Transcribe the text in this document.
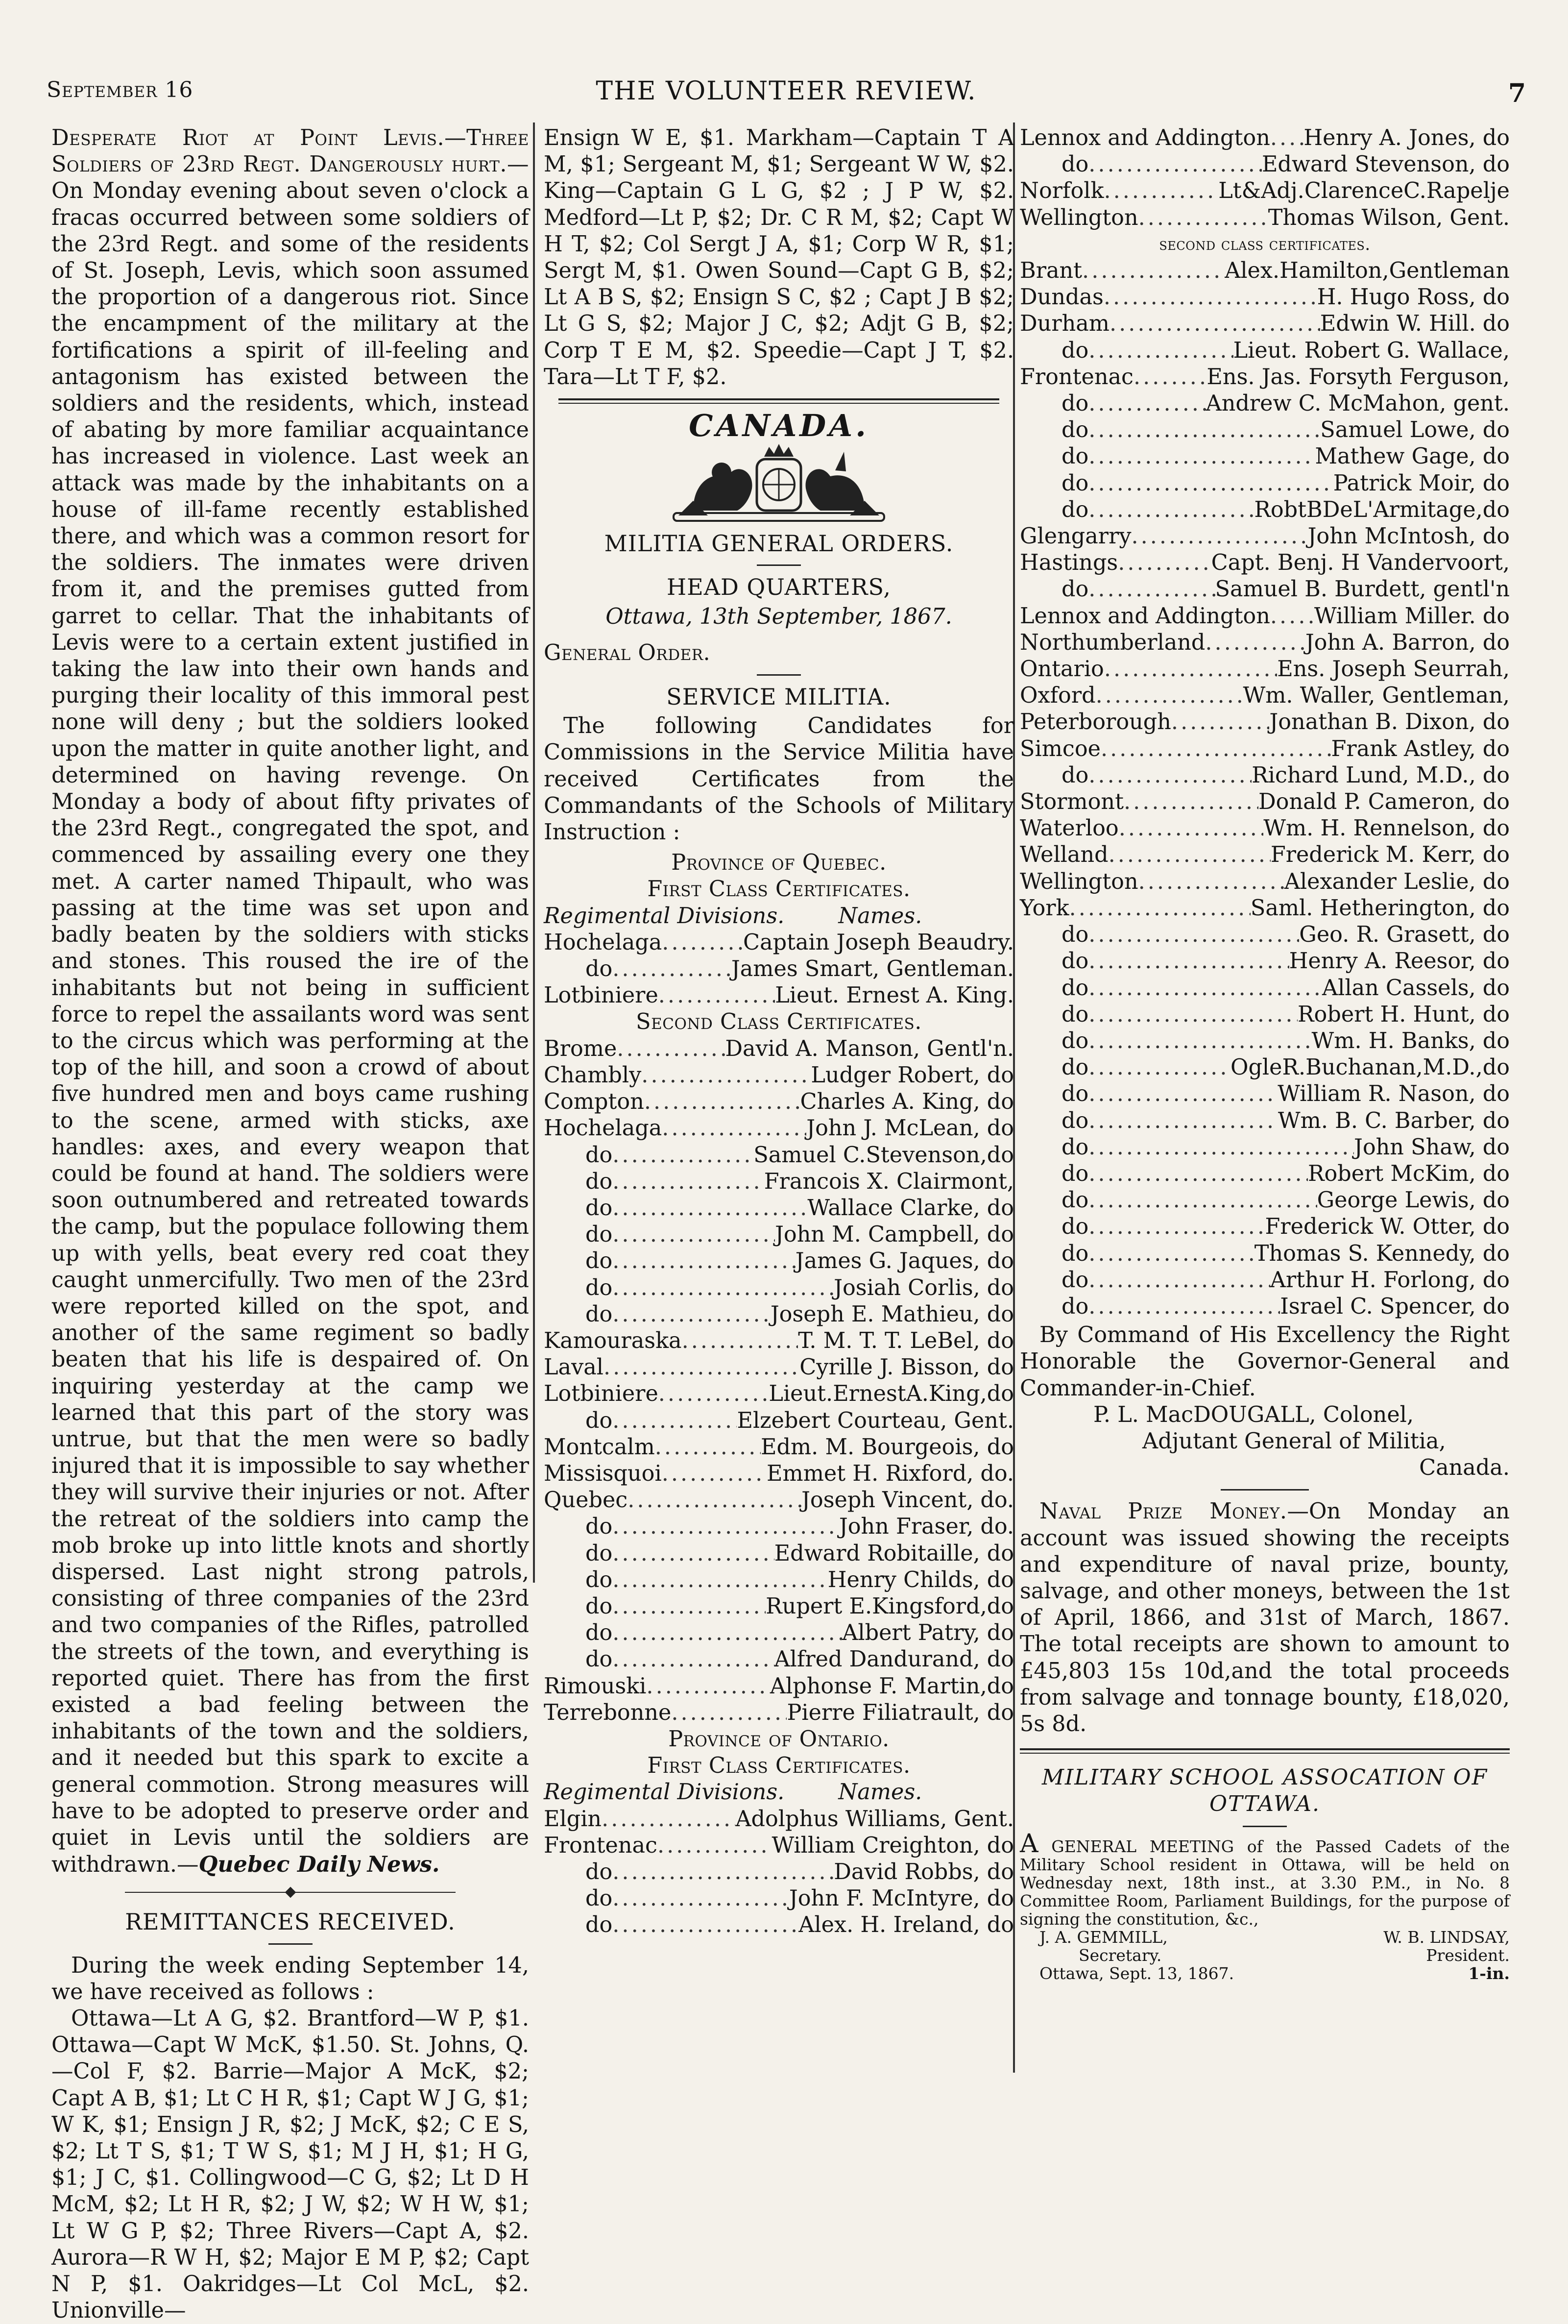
September 16	THE VOLUNTEER REVIEW.	7

Desperate Riot at Point Levis.—Three Soldiers of 23rd Regt. Dangerously hurt.— On Monday evening about seven o'clock a fracas occurred between some soldiers of the 23rd Regt. and some of the residents of St. Joseph, Levis, which soon assumed the proportion of a dangerous riot. Since the encampment of the military at the fortifications a spirit of ill-feeling and antagonism has existed between the soldiers and the residents, which, instead of abating by more familiar acquaintance has increased in violence. Last week an attack was made by the inhabitants on a house of ill-fame recently established there, and which was a common resort for the soldiers. The inmates were driven from it, and the premises gutted from garret to cellar. That the inhabitants of Levis were to a certain extent justified in taking the law into their own hands and purging their locality of this immoral pest none will deny ; but the soldiers looked upon the matter in quite another light, and determined on having revenge. On Monday a body of about fifty privates of the 23rd Regt., congregated the spot, and commenced by assailing every one they met. A carter named Thipault, who was passing at the time was set upon and badly beaten by the soldiers with sticks and stones. This roused the ire of the inhabitants but not being in sufficient force to repel the assailants word was sent to the circus which was performing at the top of the hill, and soon a crowd of about five hundred men and boys came rushing to the scene, armed with sticks, axe handles: axes, and every weapon that could be found at hand. The soldiers were soon outnumbered and retreated towards the camp, but the populace following them up with yells, beat every red coat they caught unmercifully. Two men of the 23rd were reported killed on the spot, and another of the same regiment so badly beaten that his life is despaired of. On inquiring yesterday at the camp we learned that this part of the story was untrue, but that the men were so badly injured that it is impossible to say whether they will survive their injuries or not. After the retreat of the soldiers into camp the mob broke up into little knots and shortly dispersed. Last night strong patrols, consisting of three companies of the 23rd and two companies of the Rifles, patrolled the streets of the town, and everything is reported quiet. There has from the first existed a bad feeling between the inhabitants of the town and the soldiers, and it needed but this spark to excite a general commotion. Strong measures will have to be adopted to preserve order and quiet in Levis until the soldiers are withdrawn.—Quebec Daily News.

REMITTANCES RECEIVED.

During the week ending September 14, we have received as follows :

Ottawa—Lt A G, $2. Brantford—W P, $1. Ottawa—Capt W McK, $1.50. St. Johns, Q.—Col F, $2. Barrie—Major A McK, $2; Capt A B, $1; Lt C H R, $1; Capt W J G, $1; W K, $1; Ensign J R, $2; J McK, $2; C E S, $2; Lt T S, $1; T W S, $1; M J H, $1; H G, $1; J C, $1. Collingwood—C G, $2; Lt D H McM, $2; Lt H R, $2; J W, $2; W H W, $1; Lt W G P, $2; Three Rivers—Capt A, $2. Aurora—R W H, $2; Major E M P, $2; Capt N P, $1. Oakridges—Lt Col McL, $2. Unionville—

Ensign W E, $1. Markham—Captain T A M, $1; Sergeant M, $1; Sergeant W W, $2. King—Captain G L G, $2 ; J P W, $2. Medford—Lt P, $2; Dr. C R M, $2; Capt W H T, $2; Col Sergt J A, $1; Corp W R, $1; Sergt M, $1. Owen Sound—Capt G B, $2; Lt A B S, $2; Ensign S C, $2 ; Capt J B $2; Lt G S, $2; Major J C, $2; Adjt G B, $2; Corp T E M, $2. Speedie—Capt J T, $2. Tara—Lt T F, $2.

CANADA.

MILITIA GENERAL ORDERS.

HEAD QUARTERS,

Ottawa, 13th September, 1867.

General Order.

SERVICE MILITIA.

The following Candidates for Commissions in the Service Militia have received Certificates from the Commandants of the Schools of Military Instruction :

Province of Quebec.

First Class Certificates.

Regimental Divisions. Names.
Hochelaga .....	Captain Joseph Beaudry.
do .....	James Smart, Gentleman.
Lotbiniere .....	Lieut. Ernest A. King.

Second Class Certificates.

Brome .....	David A. Manson, Gentl'n.
Chambly .....	Ludger Robert, do
Compton .....	Charles A. King, do
Hochelaga .....	John J. McLean, do
do .....	Samuel C.Stevenson,do
do .....	Francois X. Clairmont,
do .....	Wallace Clarke, do
do .....	John M. Campbell, do
do .....	James G. Jaques, do
do .....	Josiah Corlis, do
do .....	Joseph E. Mathieu, do
Kamouraska .....	T. M. T. T. LeBel, do
Laval .....	Cyrille J. Bisson, do
Lotbiniere .....	Lieut.ErnestA.King,do
do .....	Elzebert Courteau, Gent.
Montcalm .....	Edm. M. Bourgeois, do
Missisquoi .....	Emmet H. Rixford, do.
Quebec .....	Joseph Vincent, do.
do .....	John Fraser, do.
do .....	Edward Robitaille, do
do .....	Henry Childs, do
do .....	Rupert E.Kingsford,do
do .....	Albert Patry, do
do .....	Alfred Dandurand, do
Rimouski .....	Alphonse F. Martin,do
Terrebonne .....	Pierre Filiatrault, do

Province of Ontario.

First Class Certificates.

Regimental Divisions. Names.
Elgin .....	Adolphus Williams, Gent.
Frontenac .....	William Creighton, do
do .....	David Robbs, do
do .....	John F. McIntyre, do
do .....	Alex. H. Ireland, do
Lennox and Addington ..... Henry A. Jones, do
do .....	Edward Stevenson, do
Norfolk .....	Lt&Adj.ClarenceC.Rapelje
Wellington .....	Thomas Wilson, Gent.

second class certificates.

Brant .....	Alex.Hamilton,Gentleman
Dundas .....	H. Hugo Ross, do
Durham .....	Edwin W. Hill. do
do .....	Lieut. Robert G. Wallace,
Frontenac .....	Ens. Jas. Forsyth Ferguson,
do .....	Andrew C. McMahon, gent.
do .....	Samuel Lowe, do
do .....	Mathew Gage, do
do .....	Patrick Moir, do
do .....	RobtBDeL'Armitage,do
Glengarry .....	John McIntosh, do
Hastings .....	Capt. Benj. H Vandervoort,
do .....	Samuel B. Burdett, gentl'n
Lennox and Addington ..... William Miller. do
Northumberland .....	John A. Barron, do
Ontario .....	Ens. Joseph Seurrah,
Oxford .....	Wm. Waller, Gentleman,
Peterborough .....	Jonathan B. Dixon, do
Simcoe .....	Frank Astley, do
do .....	Richard Lund, M.D., do
Stormont .....	Donald P. Cameron, do
Waterloo .....	Wm. H. Rennelson, do
Welland .....	Frederick M. Kerr, do
Wellington .....	Alexander Leslie, do
York .....	Saml. Hetherington, do
do .....	Geo. R. Grasett, do
do .....	Henry A. Reesor, do
do .....	Allan Cassels, do
do .....	Robert H. Hunt, do
do .....	Wm. H. Banks, do
do .....	OgleR.Buchanan,M.D.,do
do .....	William R. Nason, do
do .....	Wm. B. C. Barber, do
do .....	John Shaw, do
do .....	Robert McKim, do
do .....	George Lewis, do
do .....	Frederick W. Otter, do
do .....	Thomas S. Kennedy, do
do .....	Arthur H. Forlong, do
do .....	Israel C. Spencer, do

By Command of His Excellency the Right Honorable the Governor-General and Commander-in-Chief.

P. L. MacDOUGALL, Colonel,

Adjutant General of Militia,

Canada.

Naval Prize Money.—On Monday an account was issued showing the receipts and expenditure of naval prize, bounty, salvage, and other moneys, between the 1st of April, 1866, and 31st of March, 1867. The total receipts are shown to amount to £45,803 15s 10d,and the total proceeds from salvage and tonnage bounty, £18,020, 5s 8d.

MILITARY SCHOOL ASSOCATION OF OTTAWA.

A GENERAL MEETING of the Passed Cadets of the Military School resident in Ottawa, will be held on Wednesday next, 18th inst., at 3.30 P.M., in No. 8 Committee Room, Parliament Buildings, for the purpose of signing the constitution, &c.,

J. A. GEMMILL,	W. B. LINDSAY,
Secretary.	President.
Ottawa, Sept. 13, 1867.	1-in.
